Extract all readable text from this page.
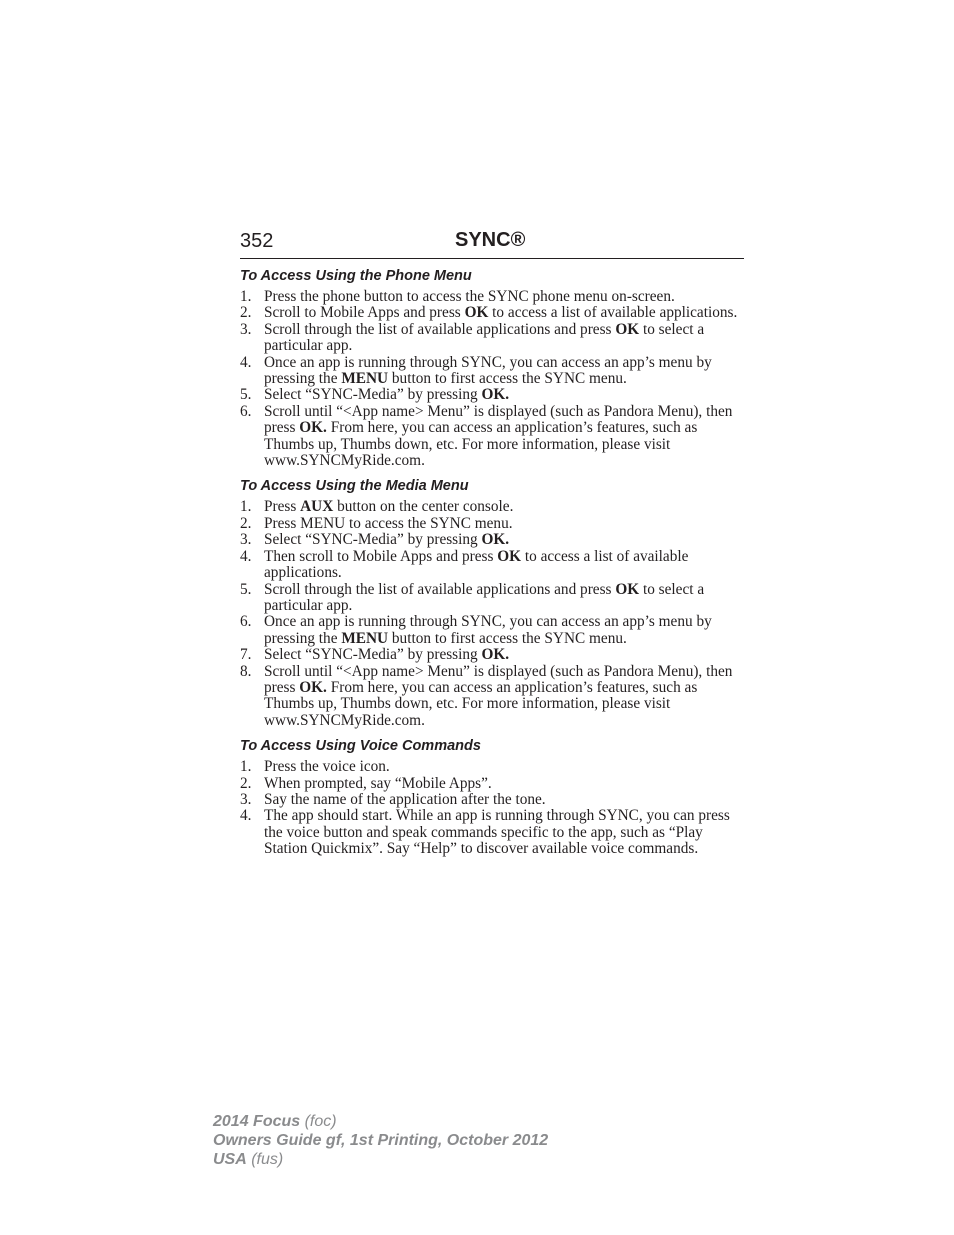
352	SYNC®
To Access Using the Phone Menu
1. Press the phone button to access the SYNC phone menu on-screen.
2. Scroll to Mobile Apps and press OK to access a list of available applications.
3. Scroll through the list of available applications and press OK to select a particular app.
4. Once an app is running through SYNC, you can access an app’s menu by pressing the MENU button to first access the SYNC menu.
5. Select “SYNC-Media” by pressing OK.
6. Scroll until “<App name> Menu” is displayed (such as Pandora Menu), then press OK. From here, you can access an application’s features, such as Thumbs up, Thumbs down, etc. For more information, please visit www.SYNCMyRide.com.
To Access Using the Media Menu
1. Press AUX button on the center console.
2. Press MENU to access the SYNC menu.
3. Select “SYNC-Media” by pressing OK.
4. Then scroll to Mobile Apps and press OK to access a list of available applications.
5. Scroll through the list of available applications and press OK to select a particular app.
6. Once an app is running through SYNC, you can access an app’s menu by pressing the MENU button to first access the SYNC menu.
7. Select “SYNC-Media” by pressing OK.
8. Scroll until “<App name> Menu” is displayed (such as Pandora Menu), then press OK. From here, you can access an application’s features, such as Thumbs up, Thumbs down, etc. For more information, please visit www.SYNCMyRide.com.
To Access Using Voice Commands
1. Press the voice icon.
2. When prompted, say “Mobile Apps”.
3. Say the name of the application after the tone.
4. The app should start. While an app is running through SYNC, you can press the voice button and speak commands specific to the app, such as “Play Station Quickmix”. Say “Help” to discover available voice commands.
2014 Focus (foc)
Owners Guide gf, 1st Printing, October 2012
USA (fus)
